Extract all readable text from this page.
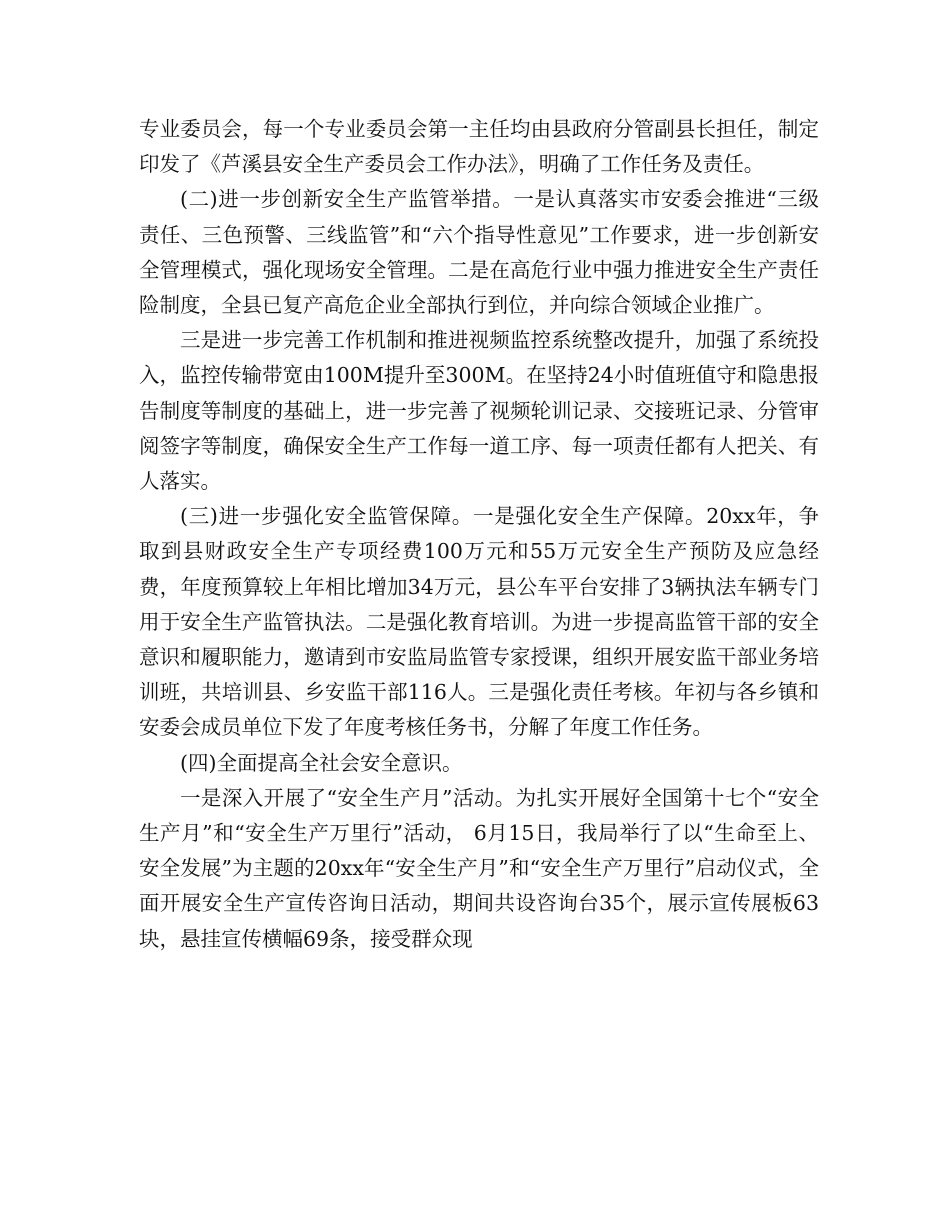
专业委员会，每一个专业委员会第一主任均由县政府分管副县长担任，制定印发了《芦溪县安全生产委员会工作办法》，明确了工作任务及责任。

(二)进一步创新安全生产监管举措。一是认真落实市安委会推进“三级责任、三色预警、三线监管”和“六个指导性意见”工作要求，进一步创新安全管理模式，强化现场安全管理。二是在高危行业中强力推进安全生产责任险制度，全县已复产高危企业全部执行到位，并向综合领域企业推广。

三是进一步完善工作机制和推进视频监控系统整改提升，加强了系统投入，监控传输带宽由100M提升至300M。在坚持24小时值班值守和隐患报告制度等制度的基础上，进一步完善了视频轮训记录、交接班记录、分管审阅签字等制度，确保安全生产工作每一道工序、每一项责任都有人把关、有人落实。

(三)进一步强化安全监管保障。一是强化安全生产保障。20xx年，争取到县财政安全生产专项经费100万元和55万元安全生产预防及应急经费，年度预算较上年相比增加34万元，县公车平台安排了3辆执法车辆专门用于安全生产监管执法。二是强化教育培训。为进一步提高监管干部的安全意识和履职能力，邀请到市安监局监管专家授课，组织开展安监干部业务培训班，共培训县、乡安监干部116人。三是强化责任考核。年初与各乡镇和安委会成员单位下发了年度考核任务书，分解了年度工作任务。

(四)全面提高全社会安全意识。

一是深入开展了“安全生产月”活动。为扎实开展好全国第十七个“安全生产月”和“安全生产万里行”活动， 6月15日，我局举行了以“生命至上、安全发展”为主题的20xx年“安全生产月”和“安全生产万里行”启动仪式，全面开展安全生产宣传咨询日活动，期间共设咨询台35个，展示宣传展板63块，悬挂宣传横幅69条，接受群众现
